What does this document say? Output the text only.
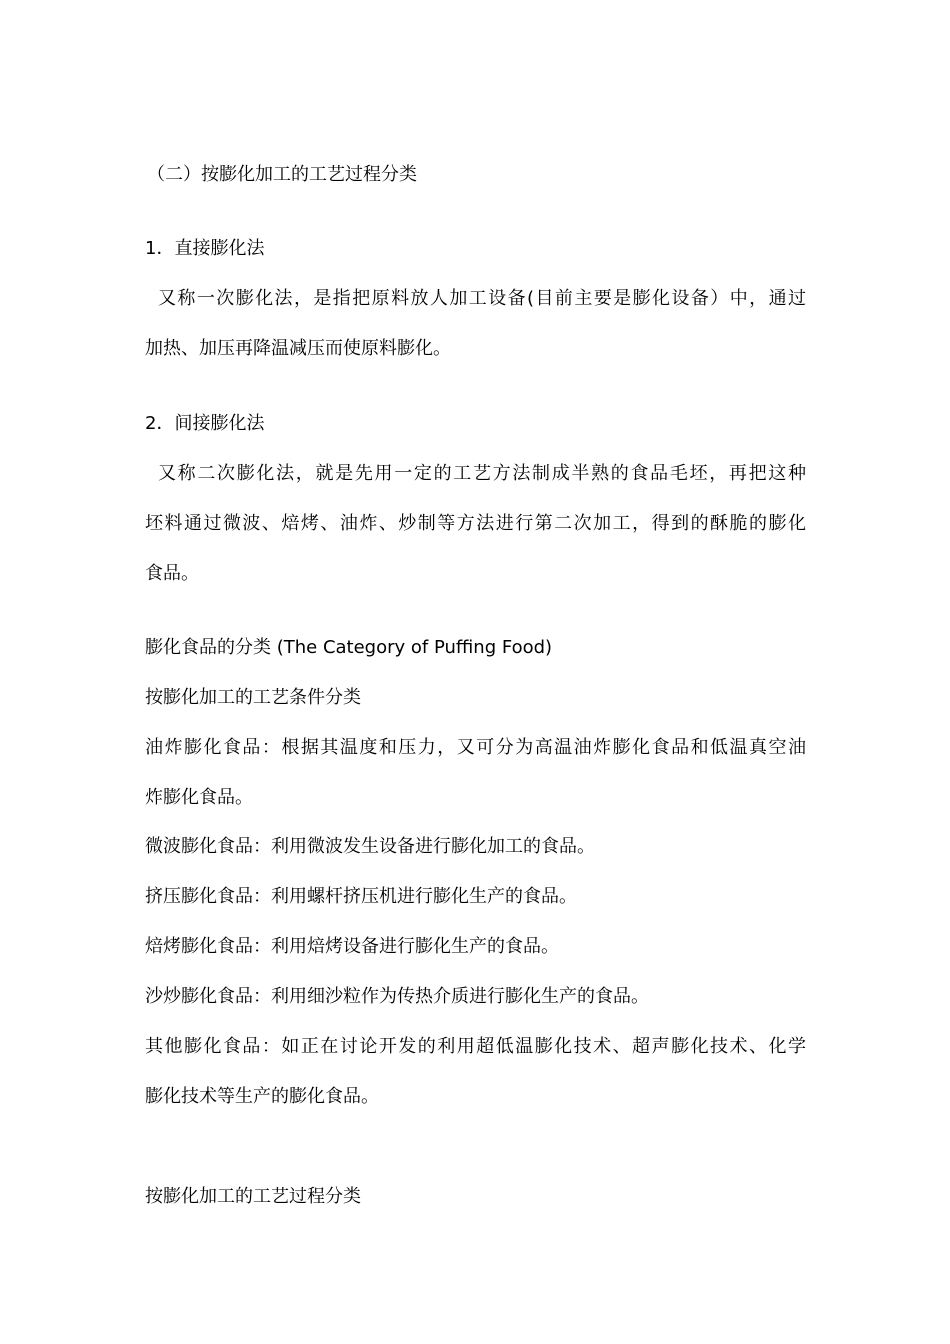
（二）按膨化加工的工艺过程分类
1．直接膨化法
又称一次膨化法，是指把原料放人加工设备(目前主要是膨化设备）中，通过
加热、加压再降温减压而使原料膨化。
2．间接膨化法
又称二次膨化法，就是先用一定的工艺方法制成半熟的食品毛坯，再把这种
坯料通过微波、焙烤、油炸、炒制等方法进行第二次加工，得到的酥脆的膨化
食品。
膨化食品的分类 (The Category of Puffing Food)
按膨化加工的工艺条件分类
油炸膨化食品：根据其温度和压力，又可分为高温油炸膨化食品和低温真空油
炸膨化食品。
微波膨化食品：利用微波发生设备进行膨化加工的食品。
挤压膨化食品：利用螺杆挤压机进行膨化生产的食品。
焙烤膨化食品：利用焙烤设备进行膨化生产的食品。
沙炒膨化食品：利用细沙粒作为传热介质进行膨化生产的食品。
其他膨化食品：如正在讨论开发的利用超低温膨化技术、超声膨化技术、化学
膨化技术等生产的膨化食品。
按膨化加工的工艺过程分类
